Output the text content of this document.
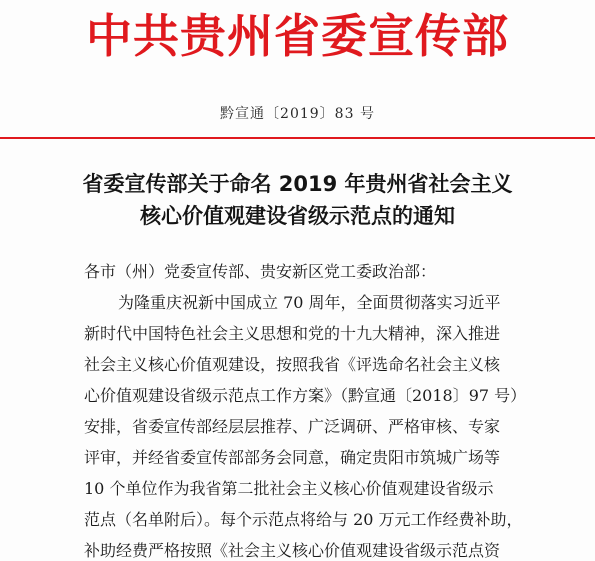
中共贵州省委宣传部
黔宣通〔2019〕83 号
省委宣传部关于命名 2019 年贵州省社会主义
核心价值观建设省级示范点的通知
各市（州）党委宣传部、贵安新区党工委政治部：
为隆重庆祝新中国成立 70 周年，全面贯彻落实习近平
新时代中国特色社会主义思想和党的十九大精神，深入推进
社会主义核心价值观建设，按照我省《评选命名社会主义核
心价值观建设省级示范点工作方案》（黔宣通〔2018〕97 号）
安排，省委宣传部经层层推荐、广泛调研、严格审核、专家
评审，并经省委宣传部部务会同意，确定贵阳市筑城广场等
10 个单位作为我省第二批社会主义核心价值观建设省级示
范点（名单附后）。每个示范点将给与 20 万元工作经费补助，
补助经费严格按照《社会主义核心价值观建设省级示范点资
